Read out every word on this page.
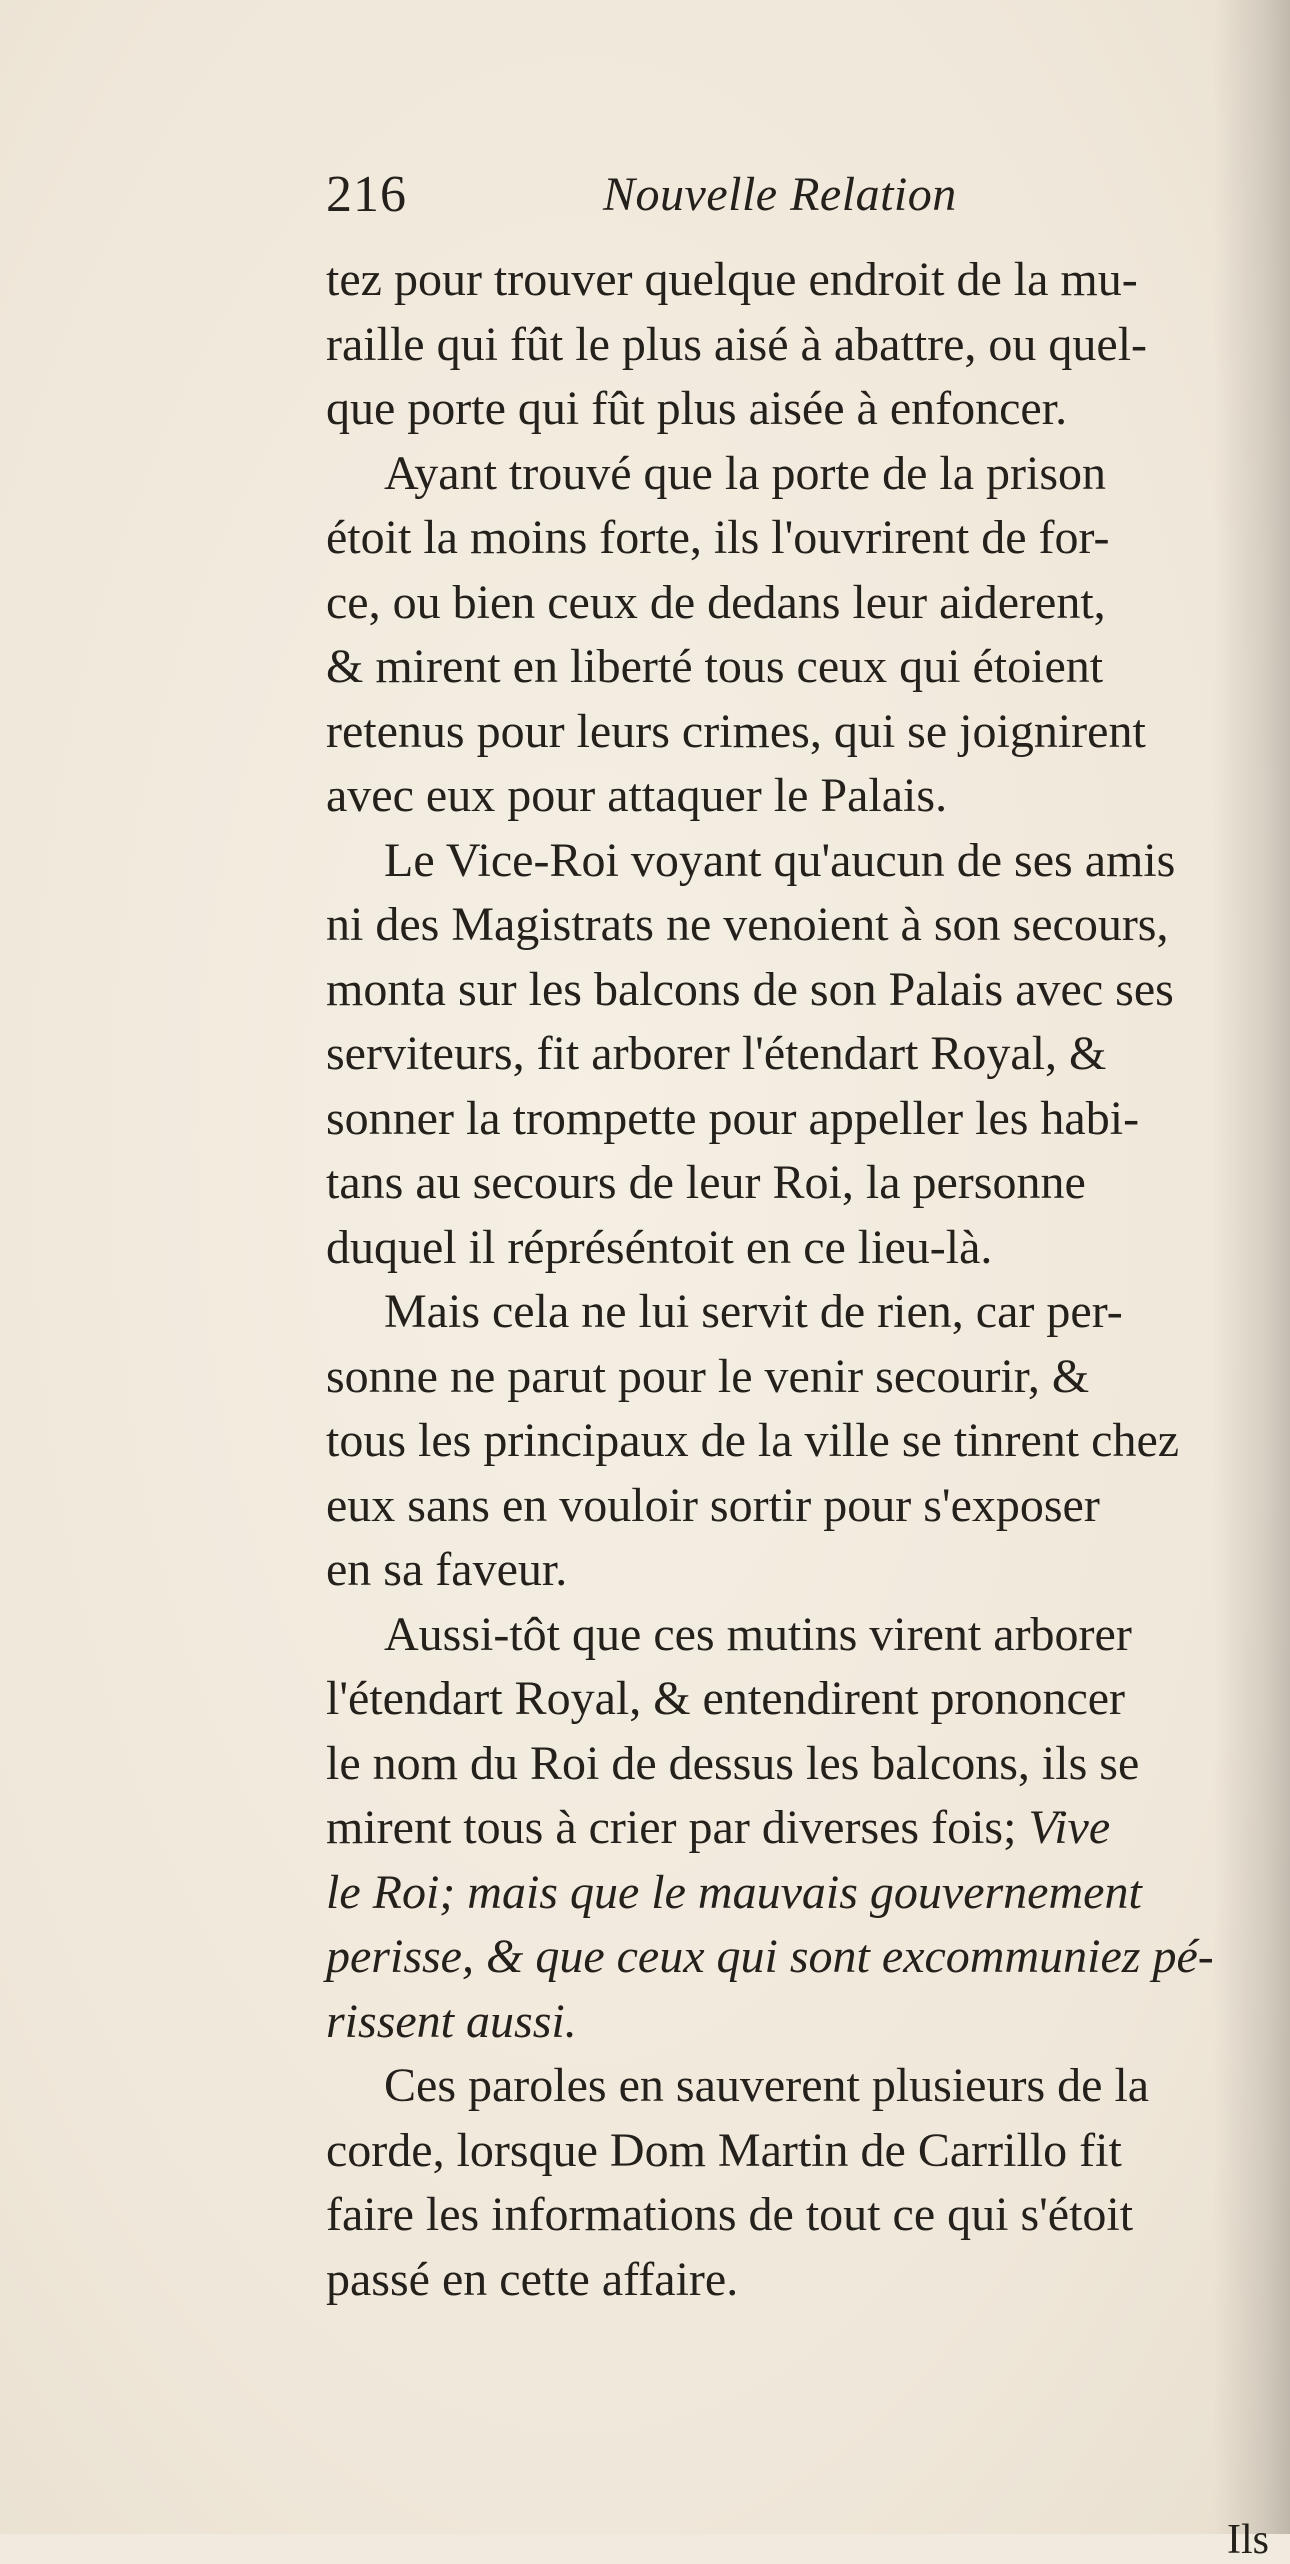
216	Nouvelle Relation

tez pour trouver quelque endroit de la mu-
raille qui fût le plus aisé à abattre, ou quel-
que porte qui fût plus aisée à enfoncer.

Ayant trouvé que la porte de la prison
étoit la moins forte, ils l'ouvrirent de for-
ce, ou bien ceux de dedans leur aiderent,
& mirent en liberté tous ceux qui étoient
retenus pour leurs crimes, qui se joignirent
avec eux pour attaquer le Palais.

Le Vice-Roi voyant qu'aucun de ses amis
ni des Magistrats ne venoient à son secours,
monta sur les balcons de son Palais avec ses
serviteurs, fit arborer l'étendart Royal, &
sonner la trompette pour appeller les habi-
tans au secours de leur Roi, la personne
duquel il répréséntoit en ce lieu-là.

Mais cela ne lui servit de rien, car per-
sonne ne parut pour le venir secourir, &
tous les principaux de la ville se tinrent chez
eux sans en vouloir sortir pour s'exposer
en sa faveur.

Aussi-tôt que ces mutins virent arborer
l'étendart Royal, & entendirent prononcer
le nom du Roi de dessus les balcons, ils se
mirent tous à crier par diverses fois; Vive
le Roi; mais que le mauvais gouvernement
perisse, & que ceux qui sont excommuniez pé-
rissent aussi.

Ces paroles en sauverent plusieurs de la
corde, lorsque Dom Martin de Carrillo fit
faire les informations de tout ce qui s'étoit
passé en cette affaire.

Ils
